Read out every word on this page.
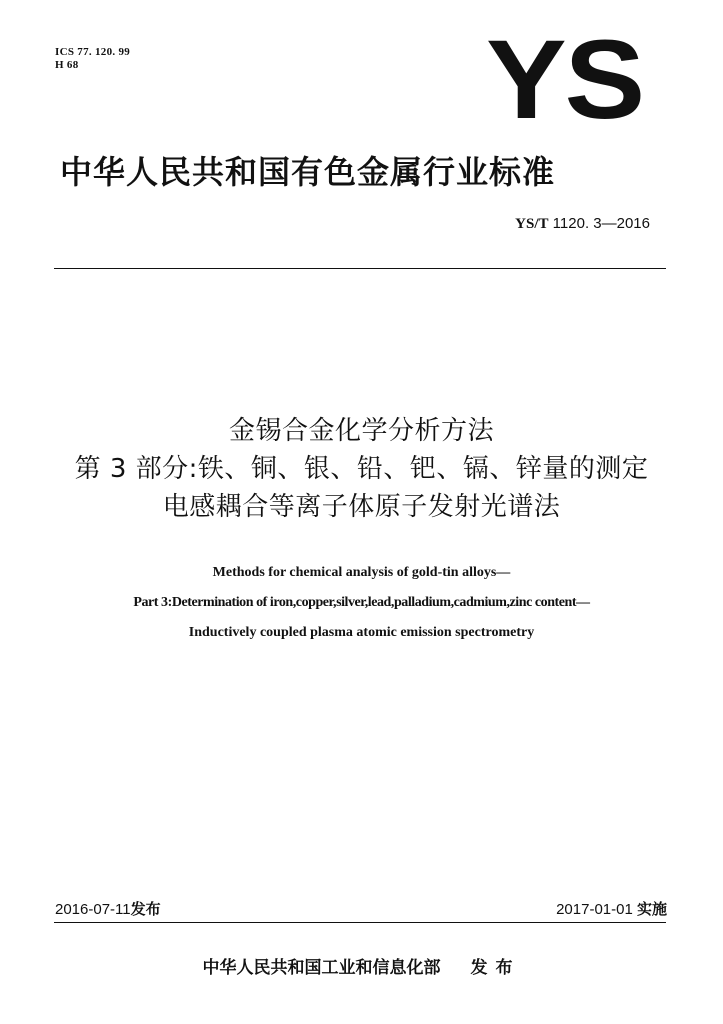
ICS 77. 120. 99
H 68	YS
中华人民共和国有色金属行业标准
YS/T 1120. 3—2016
金锡合金化学分析方法
第 3 部分:铁、铜、银、铅、钯、镉、锌量的测定
电感耦合等离子体原子发射光谱法
Methods for chemical analysis of gold-tin alloys—
Part 3:Determination of iron,copper,silver,lead,palladium,cadmium,zinc content—
Inductively coupled plasma atomic emission spectrometry
2016-07-11发布	2017-01-01 实施
中华人民共和国工业和信息化部 发布
